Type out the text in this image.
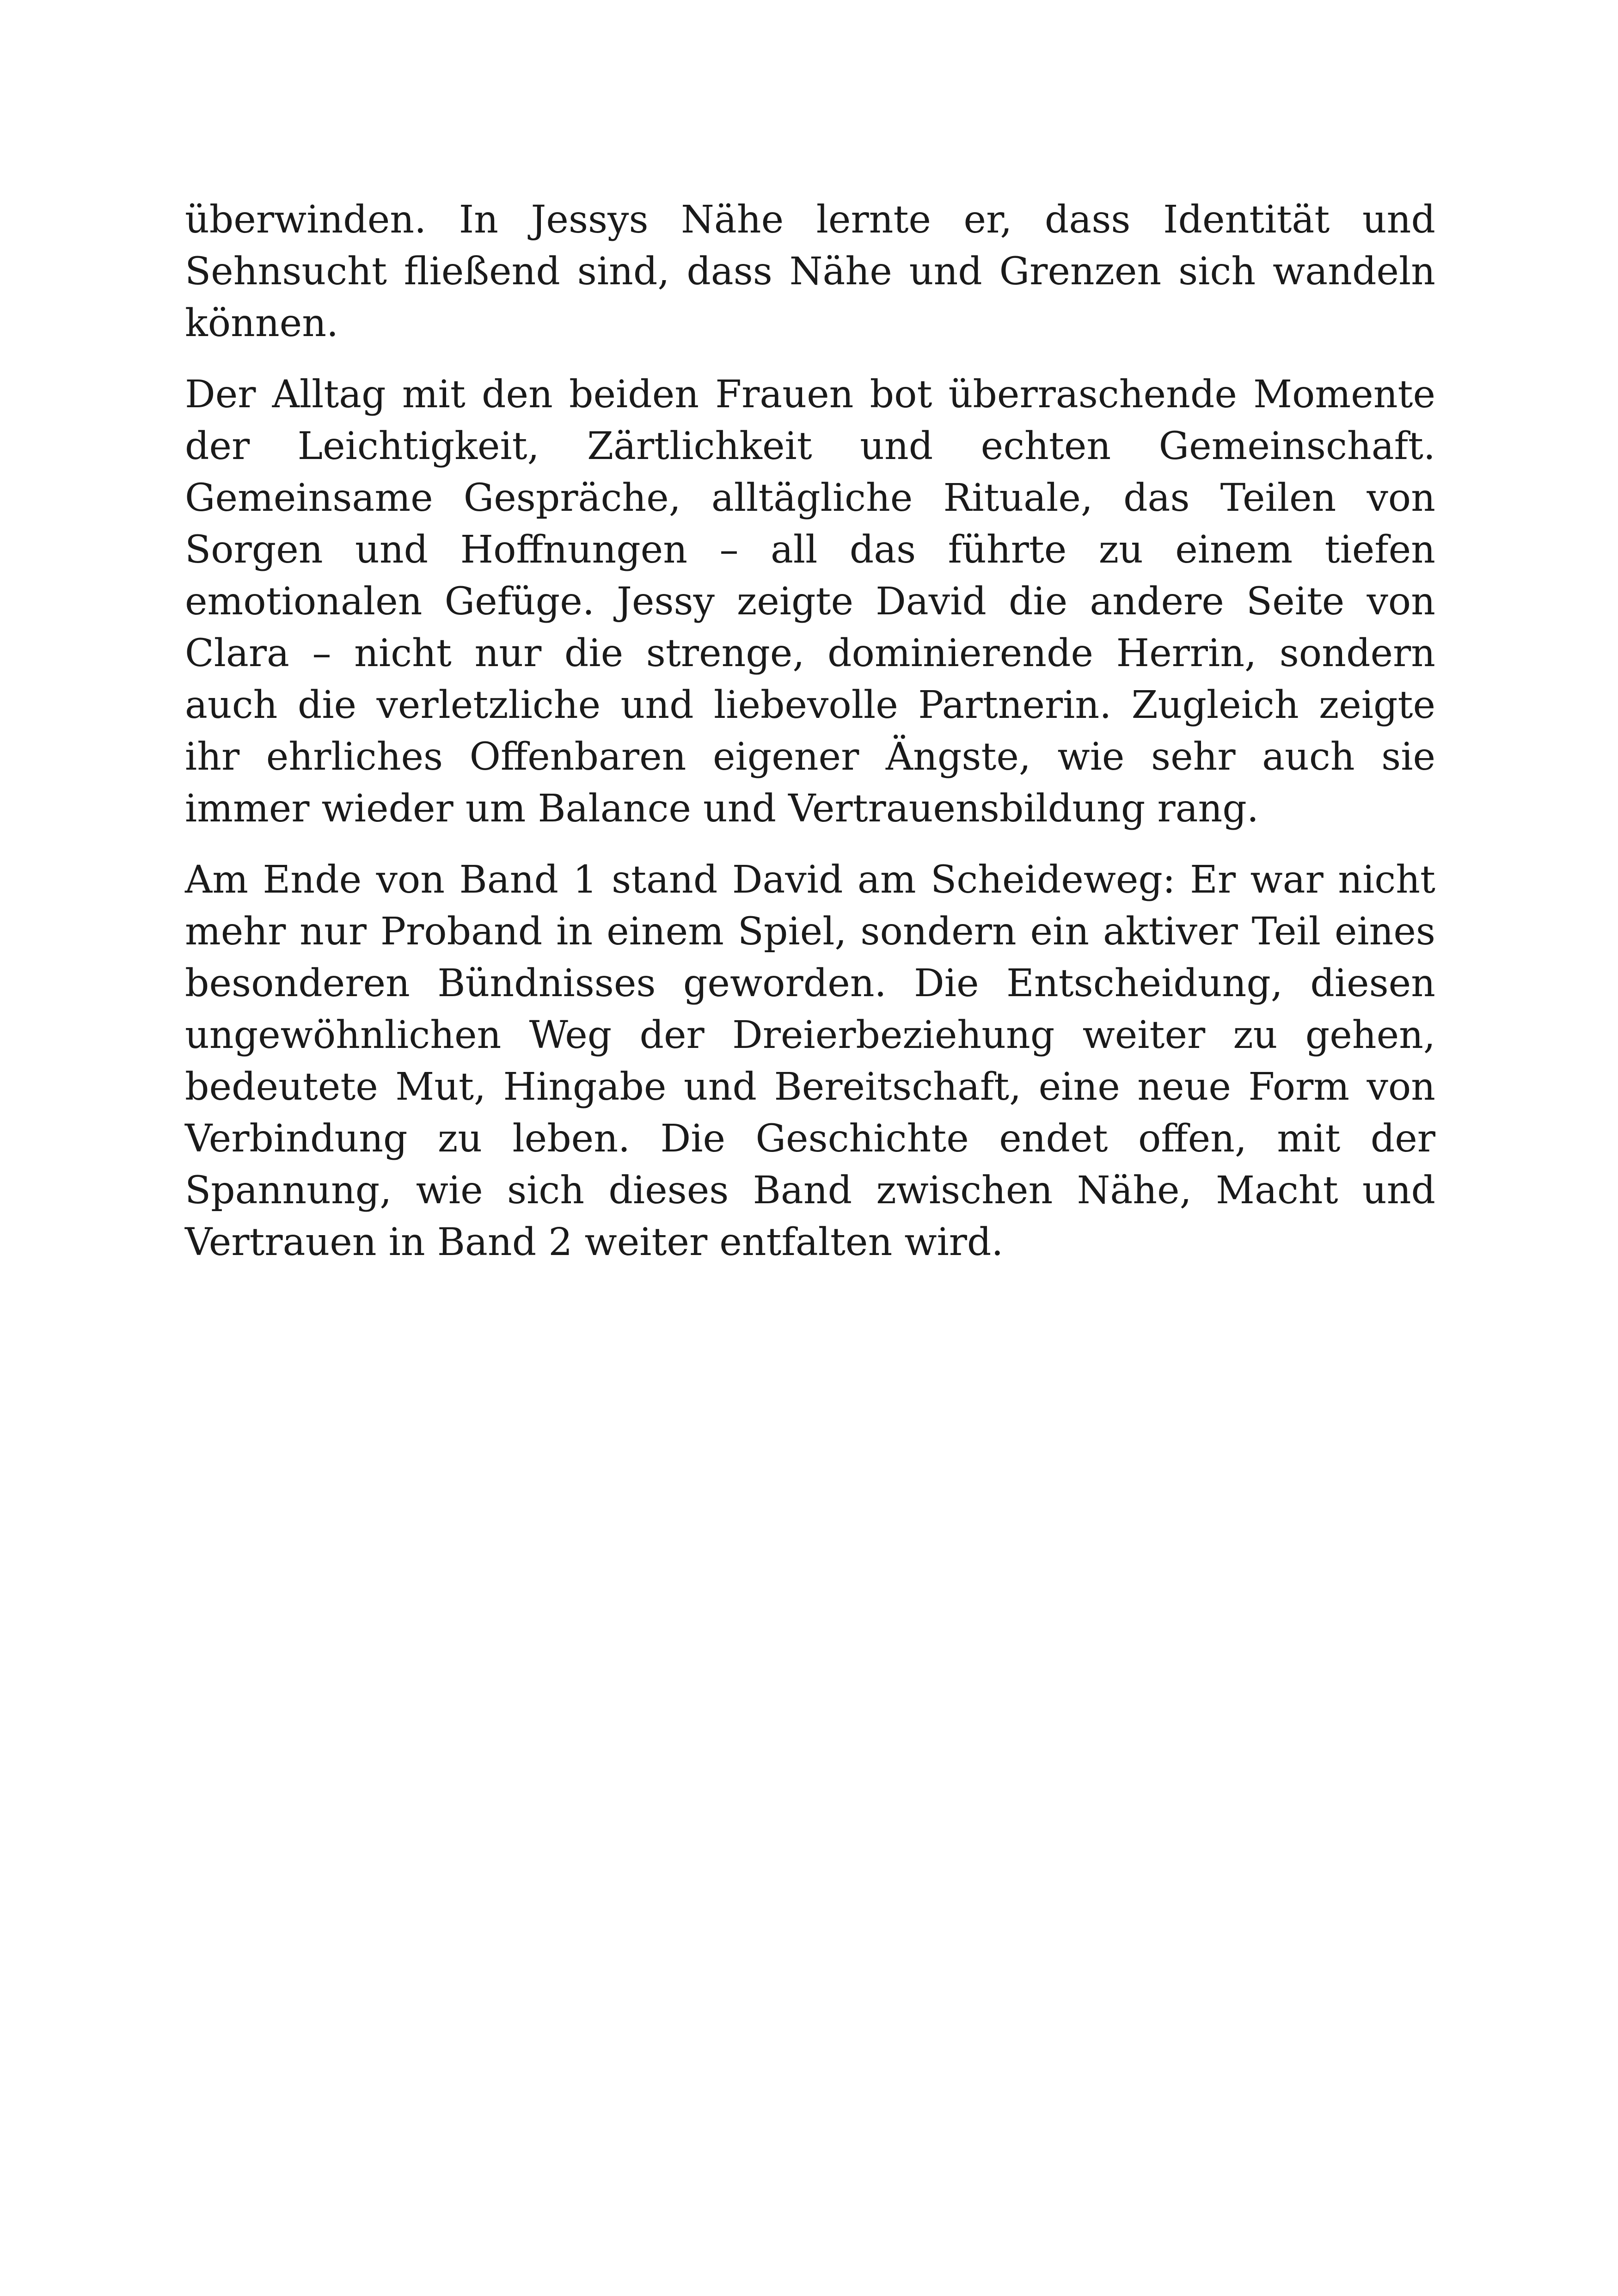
überwinden. In Jessys Nähe lernte er, dass Identität und Sehnsucht fließend sind, dass Nähe und Grenzen sich wandeln können.

Der Alltag mit den beiden Frauen bot überraschende Momente der Leichtigkeit, Zärtlichkeit und echten Gemeinschaft. Gemeinsame Gespräche, alltägliche Rituale, das Teilen von Sorgen und Hoffnungen – all das führte zu einem tiefen emotionalen Gefüge. Jessy zeigte David die andere Seite von Clara – nicht nur die strenge, dominierende Herrin, sondern auch die verletzliche und liebevolle Partnerin. Zugleich zeigte ihr ehrliches Offenbaren eigener Ängste, wie sehr auch sie immer wieder um Balance und Vertrauensbildung rang.

Am Ende von Band 1 stand David am Scheideweg: Er war nicht mehr nur Proband in einem Spiel, sondern ein aktiver Teil eines besonderen Bündnisses geworden. Die Entscheidung, diesen ungewöhnlichen Weg der Dreierbeziehung weiter zu gehen, bedeutete Mut, Hingabe und Bereitschaft, eine neue Form von Verbindung zu leben. Die Geschichte endet offen, mit der Spannung, wie sich dieses Band zwischen Nähe, Macht und Vertrauen in Band 2 weiter entfalten wird.
